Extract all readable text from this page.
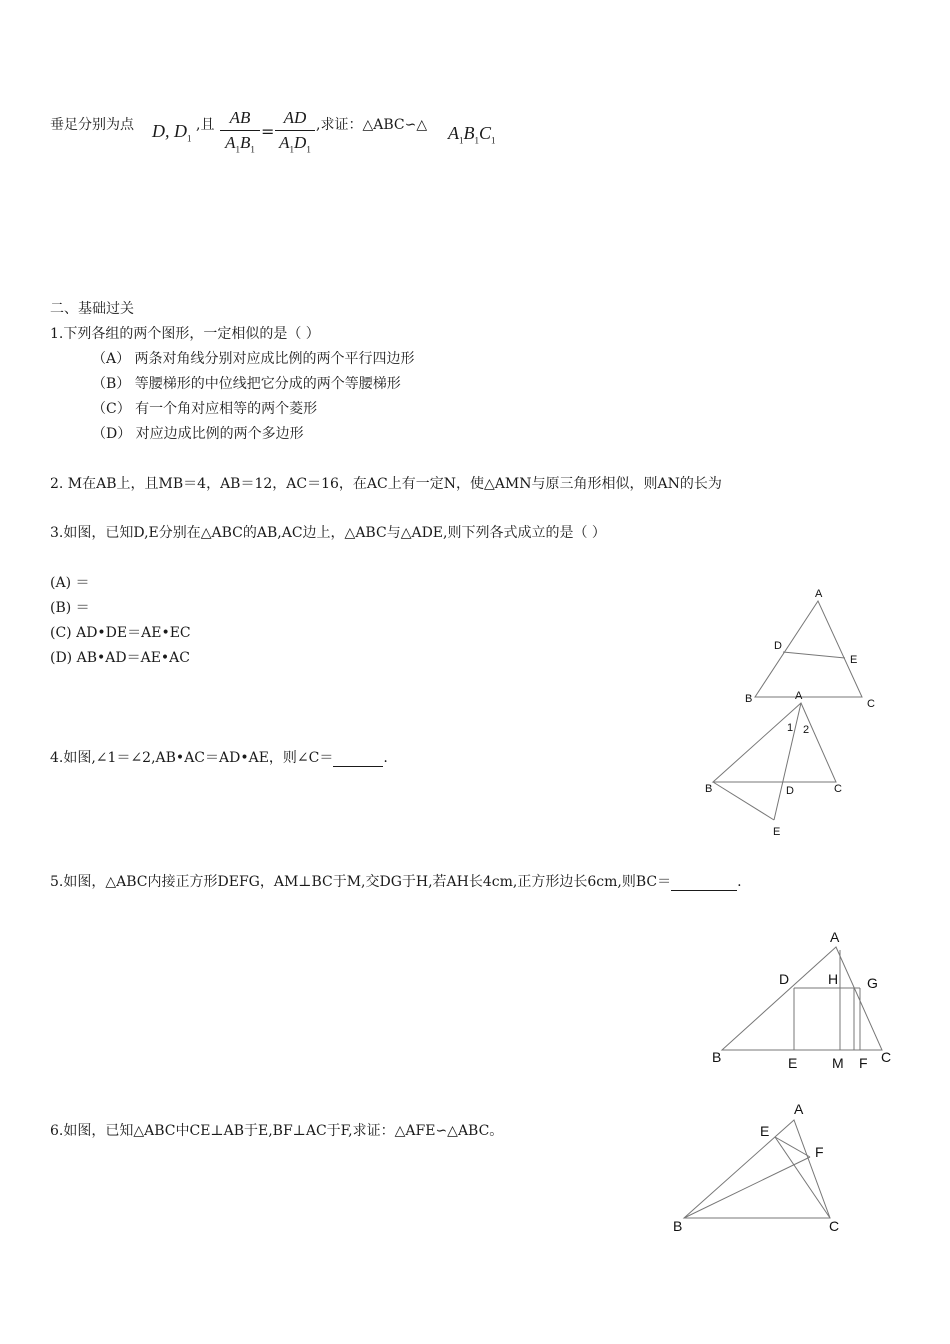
垂足分别为点 D, $D_1$
,且 AB
$A_1B_1$
=
AD
$A_1D_1$
,求证：△ABC∽△ $A_1B_1C_1$
二、基础过关
1.下列各组的两个图形，一定相似的是（ ）
（A） 两条对角线分别对应成比例的两个平行四边形
（B） 等腰梯形的中位线把它分成的两个等腰梯形
（C） 有一个角对应相等的两个菱形
（D） 对应边成比例的两个多边形
2. M在AB上，且MB＝4，AB＝12，AC＝16，在AC上有一定N，使△AMN与原三角形相似，则AN的长为
3.如图，已知D,E分别在△ABC的AB,AC边上，△ABC与△ADE,则下列各式成立的是（ ）
(A) ＝
(B) ＝
(C) AD•DE＝AE•EC
(D) AB•AD＝AE•AC
A
B	C
D
E
4.如图,∠1＝∠2,AB•AC＝AD•AE，则∠C＝	.
A
B	C
D
E
1 2
5.如图，△ABC内接正方形DEFG，AM⊥BC于M,交DG于H,若AH长4cm,正方形边长6cm,则BC＝	.
A
B	C
D
E	F
G
H
M
6.如图，已知△ABC中CE⊥AB于E,BF⊥AC于F,求证：△AFE∽△ABC。
A
B	C
E
F
